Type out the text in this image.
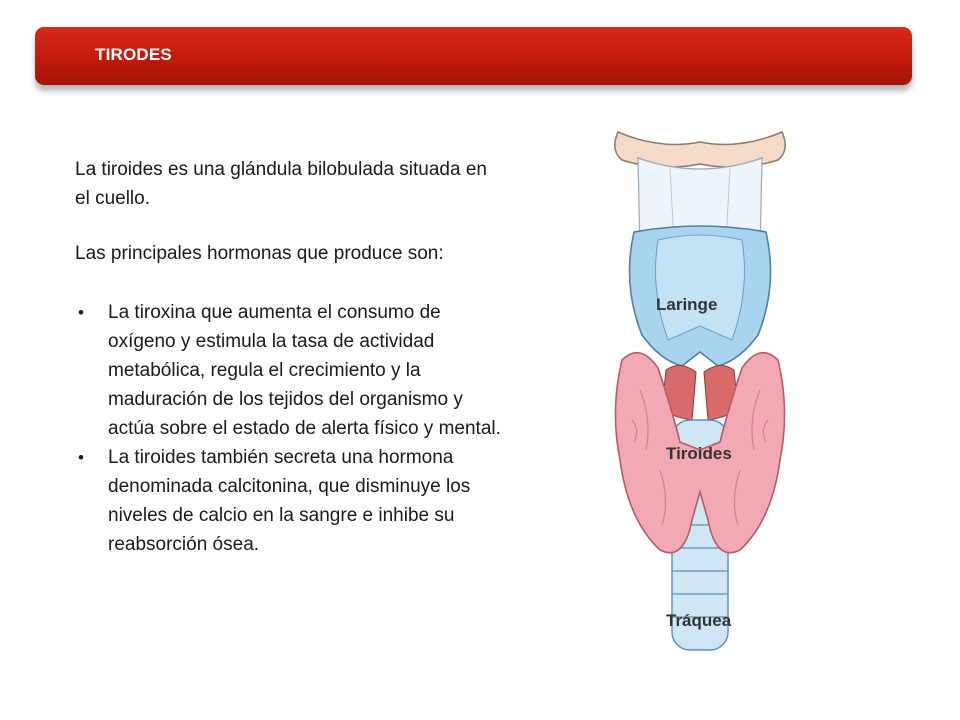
TIRODES

La tiroides es una glándula bilobulada situada en el cuello.

Las principales hormonas que produce son:

• La tiroxina que aumenta el consumo de oxígeno y estimula la tasa de actividad metabólica, regula el crecimiento y la maduración de los tejidos del organismo y actúa sobre el estado de alerta físico y mental.
• La tiroides también secreta una hormona denominada calcitonina, que disminuye los niveles de calcio en la sangre e inhibe su reabsorción ósea.
Laringe
Tiroides
Tráquea
